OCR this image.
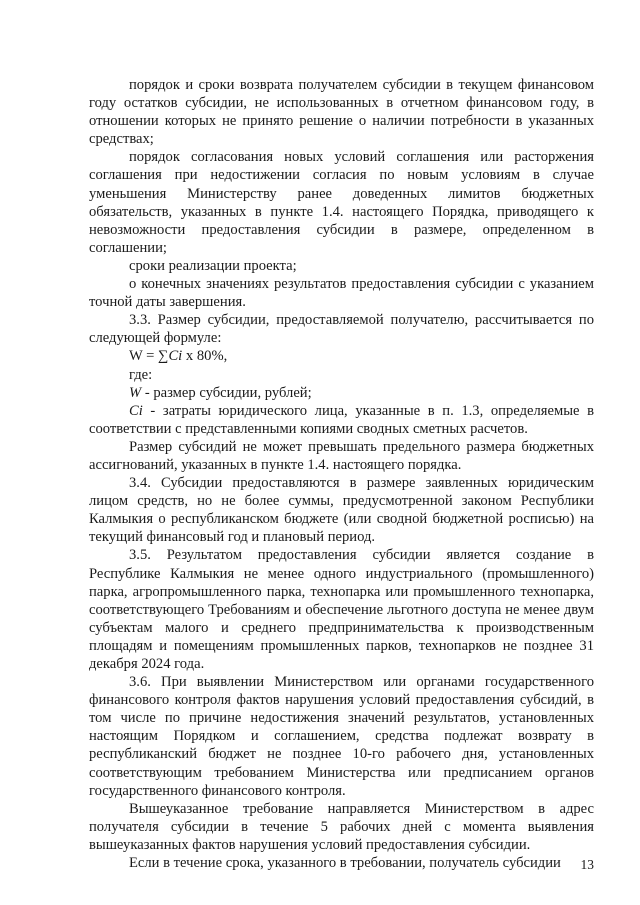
порядок и сроки возврата получателем субсидии в текущем финансовом году остатков субсидии, не использованных в отчетном финансовом году, в отношении которых не принято решение о наличии потребности в указанных средствах;

порядок согласования новых условий соглашения или расторжения соглашения при недостижении согласия по новым условиям в случае уменьшения Министерству ранее доведенных лимитов бюджетных обязательств, указанных в пункте 1.4. настоящего Порядка, приводящего к невозможности предоставления субсидии в размере, определенном в соглашении;

сроки реализации проекта;

о конечных значениях результатов предоставления субсидии с указанием точной даты завершения.

3.3. Размер субсидии, предоставляемой получателю, рассчитывается по следующей формуле:

W = ∑Ci х 80%,

где:

W - размер субсидии, рублей;

Ci - затраты юридического лица, указанные в п. 1.3, определяемые в соответствии с представленными копиями сводных сметных расчетов.

Размер субсидий не может превышать предельного размера бюджетных ассигнований, указанных в пункте 1.4. настоящего порядка.

3.4. Субсидии предоставляются в размере заявленных юридическим лицом средств, но не более суммы, предусмотренной законом Республики Калмыкия о республиканском бюджете (или сводной бюджетной росписью) на текущий финансовый год и плановый период.

3.5. Результатом предоставления субсидии является создание в Республике Калмыкия не менее одного индустриального (промышленного) парка, агропромышленного парка, технопарка или промышленного технопарка, соответствующего Требованиям и обеспечение льготного доступа не менее двум субъектам малого и среднего предпринимательства к производственным площадям и помещениям промышленных парков, технопарков не позднее 31 декабря 2024 года.

3.6. При выявлении Министерством или органами государственного финансового контроля фактов нарушения условий предоставления субсидий, в том числе по причине недостижения значений результатов, установленных настоящим Порядком и соглашением, средства подлежат возврату в республиканский бюджет не позднее 10-го рабочего дня, установленных соответствующим требованием Министерства или предписанием органов государственного финансового контроля.

Вышеуказанное требование направляется Министерством в адрес получателя субсидии в течение 5 рабочих дней с момента выявления вышеуказанных фактов нарушения условий предоставления субсидии.

Если в течение срока, указанного в требовании, получатель субсидии	13
